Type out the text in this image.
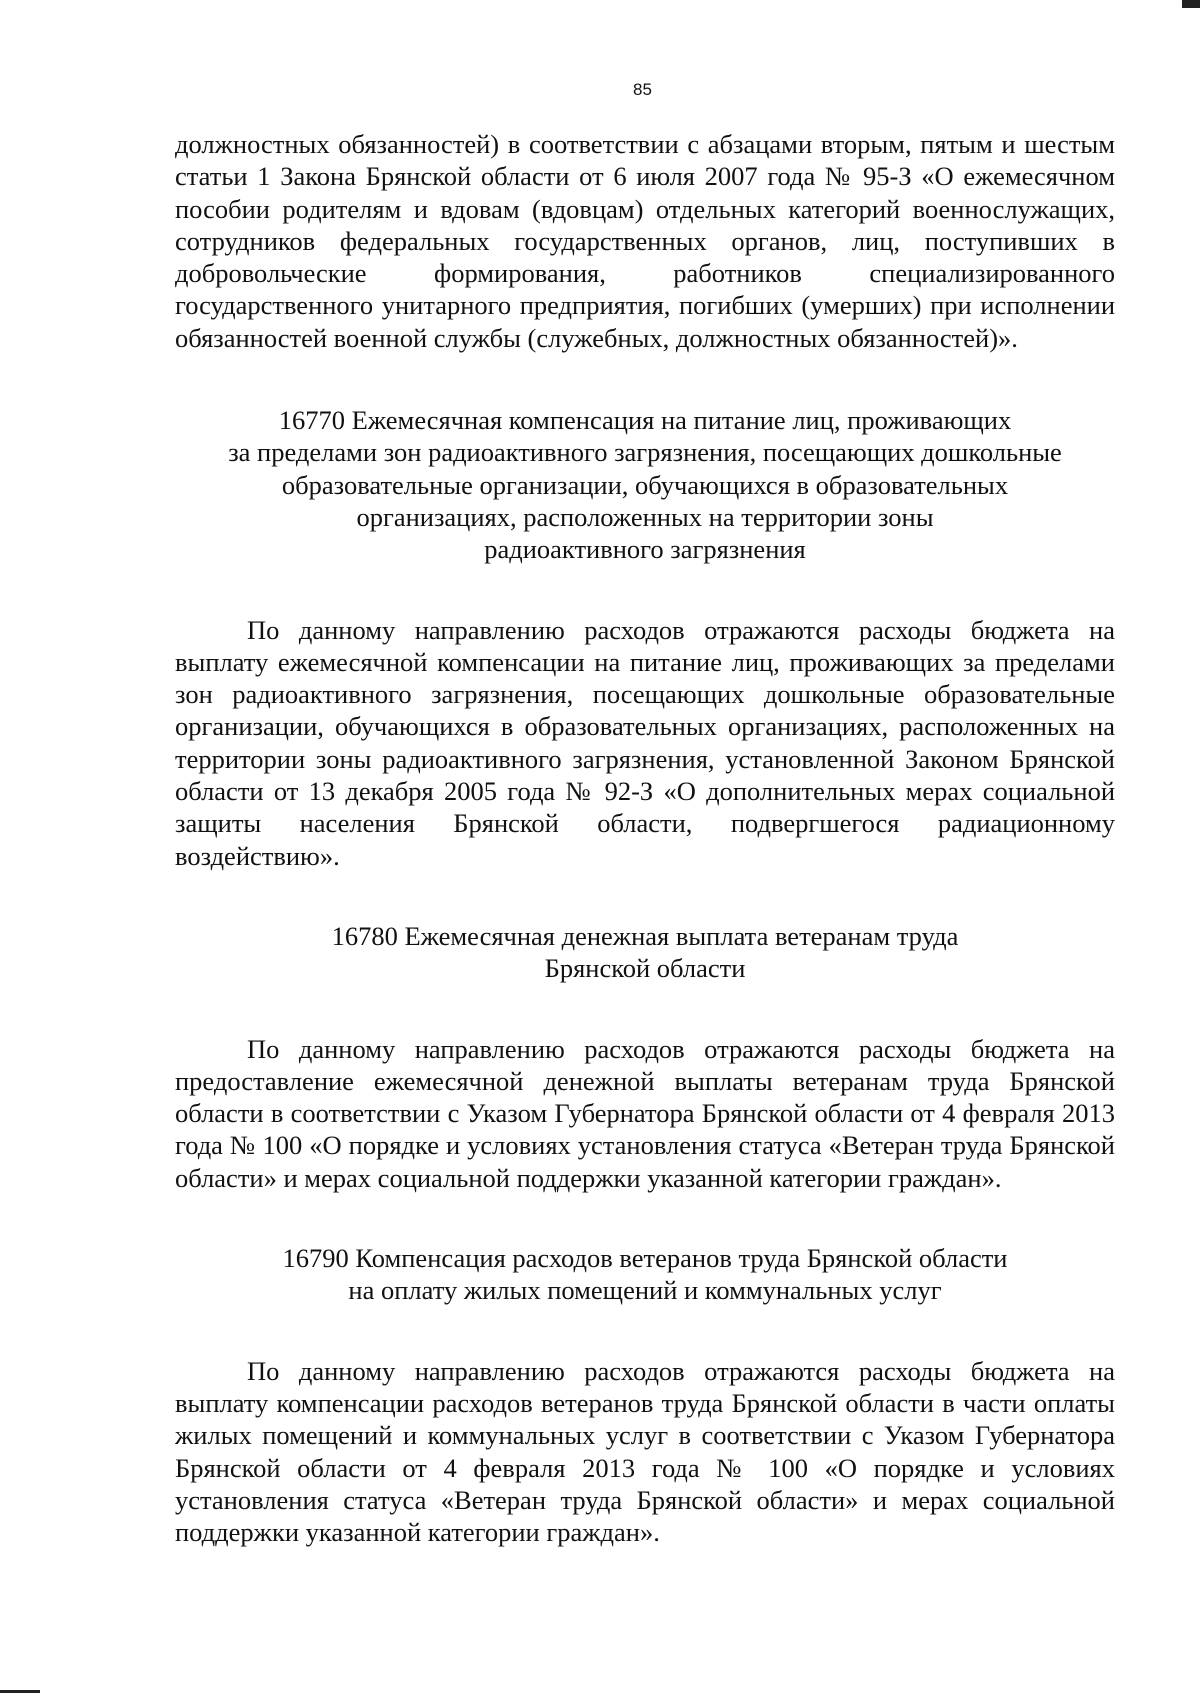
85

должностных обязанностей) в соответствии с абзацами вторым, пятым и шестым статьи 1 Закона Брянской области от 6 июля 2007 года № 95-З «О ежемесячном пособии родителям и вдовам (вдовцам) отдельных категорий военнослужащих, сотрудников федеральных государственных органов, лиц, поступивших в добровольческие формирования, работников специализированного государственного унитарного предприятия, погибших (умерших) при исполнении обязанностей военной службы (служебных, должностных обязанностей)».

16770 Ежемесячная компенсация на питание лиц, проживающих
за пределами зон радиоактивного загрязнения, посещающих дошкольные
образовательные организации, обучающихся в образовательных
организациях, расположенных на территории зоны
радиоактивного загрязнения

По данному направлению расходов отражаются расходы бюджета на выплату ежемесячной компенсации на питание лиц, проживающих за пределами зон радиоактивного загрязнения, посещающих дошкольные образовательные организации, обучающихся в образовательных организациях, расположенных на территории зоны радиоактивного загрязнения, установленной Законом Брянской области от 13 декабря 2005 года № 92-З «О дополнительных мерах социальной защиты населения Брянской области, подвергшегося радиационному воздействию».

16780 Ежемесячная денежная выплата ветеранам труда
Брянской области

По данному направлению расходов отражаются расходы бюджета на предоставление ежемесячной денежной выплаты ветеранам труда Брянской области в соответствии с Указом Губернатора Брянской области от 4 февраля 2013 года № 100 «О порядке и условиях установления статуса «Ветеран труда Брянской области» и мерах социальной поддержки указанной категории граждан».

16790 Компенсация расходов ветеранов труда Брянской области
на оплату жилых помещений и коммунальных услуг

По данному направлению расходов отражаются расходы бюджета на выплату компенсации расходов ветеранов труда Брянской области в части оплаты жилых помещений и коммунальных услуг в соответствии с Указом Губернатора Брянской области от 4 февраля 2013 года № 100 «О порядке и условиях установления статуса «Ветеран труда Брянской области» и мерах социальной поддержки указанной категории граждан».
